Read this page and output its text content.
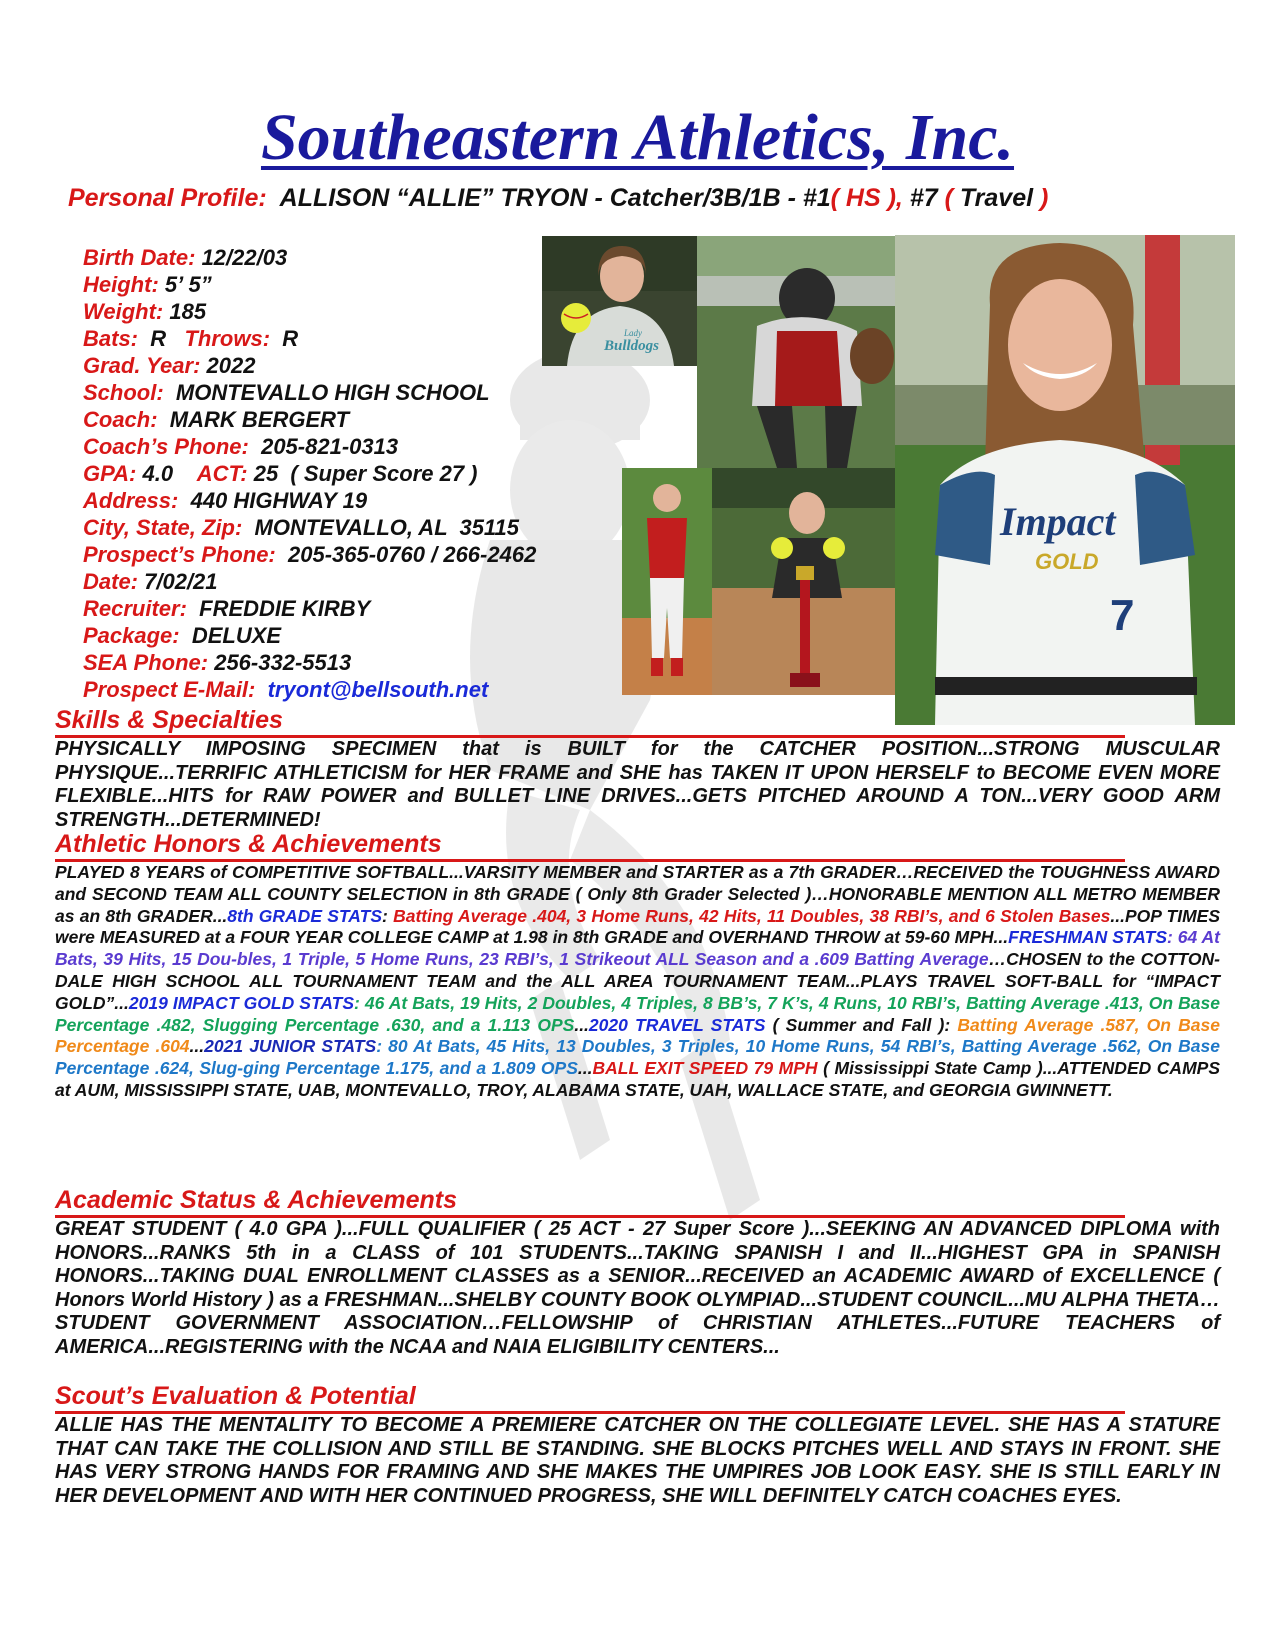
Southeastern Athletics, Inc.
Personal Profile: ALLISON “ALLIE” TRYON - Catcher/3B/1B - #1( HS ), #7 ( Travel )
Birth Date: 12/22/03
Height: 5’ 5”
Weight: 185
Bats:  R   Throws:  R
Grad. Year: 2022
School:  MONTEVALLO HIGH SCHOOL
Coach:  MARK BERGERT
Coach’s Phone:  205-821-0313
GPA: 4.0    ACT: 25  ( Super Score 27 )
Address:  440 HIGHWAY 19
City, State, Zip:  MONTEVALLO, AL  35115
Prospect’s Phone:  205-365-0760 / 266-2462
Date: 7/02/21
Recruiter:  FREDDIE KIRBY
Package:  DELUXE
SEA Phone: 256-332-5513
Prospect E-Mail:  tryont@bellsouth.net
Lady
Bulldogs
Impact
GOLD
7
Skills & Specialties
PHYSICALLY IMPOSING SPECIMEN that is BUILT for the CATCHER POSITION...STRONG MUSCULAR PHYSIQUE...TERRIFIC ATHLETICISM for HER FRAME and SHE has TAKEN IT UPON HERSELF to BECOME EVEN MORE FLEXIBLE...HITS for RAW POWER and BULLET LINE DRIVES...GETS PITCHED AROUND A TON...VERY GOOD ARM STRENGTH...DETERMINED!
Athletic Honors & Achievements
PLAYED 8 YEARS of COMPETITIVE SOFTBALL...VARSITY MEMBER and STARTER as a 7th GRADER…RECEIVED the TOUGHNESS AWARD and SECOND TEAM ALL COUNTY SELECTION in 8th GRADE ( Only 8th Grader Selected )…HONORABLE MENTION ALL METRO MEMBER as an 8th GRADER...8th GRADE STATS: Batting Average .404, 3 Home Runs, 42 Hits, 11 Doubles, 38 RBI’s, and 6 Stolen Bases...POP TIMES were MEASURED at a FOUR YEAR COLLEGE CAMP at 1.98 in 8th GRADE and OVERHAND THROW at 59-60 MPH...FRESHMAN STATS: 64 At Bats, 39 Hits, 15 Dou-bles, 1 Triple, 5 Home Runs, 23 RBI’s, 1 Strikeout ALL Season and a .609 Batting Average…CHOSEN to the COTTON-DALE HIGH SCHOOL ALL TOURNAMENT TEAM and the ALL AREA TOURNAMENT TEAM...PLAYS TRAVEL SOFT-BALL for “IMPACT GOLD”...2019 IMPACT GOLD STATS: 46 At Bats, 19 Hits, 2 Doubles, 4 Triples, 8 BB’s, 7 K’s, 4 Runs, 10 RBI’s, Batting Average .413, On Base Percentage .482, Slugging Percentage .630, and a 1.113 OPS...2020 TRAVEL STATS ( Summer and Fall ): Batting Average .587, On Base Percentage .604...2021 JUNIOR STATS: 80 At Bats, 45 Hits, 13 Doubles, 3 Triples, 10 Home Runs, 54 RBI’s, Batting Average .562, On Base Percentage .624, Slug-ging Percentage 1.175, and a 1.809 OPS...BALL EXIT SPEED 79 MPH ( Mississippi State Camp )...ATTENDED CAMPS at AUM, MISSISSIPPI STATE, UAB, MONTEVALLO, TROY, ALABAMA STATE, UAH, WALLACE STATE, and GEORGIA GWINNETT.
Academic Status & Achievements
GREAT STUDENT ( 4.0 GPA )...FULL QUALIFIER ( 25 ACT - 27 Super Score )...SEEKING AN ADVANCED DIPLOMA with HONORS...RANKS 5th in a CLASS of 101 STUDENTS...TAKING SPANISH I and II...HIGHEST GPA in SPANISH HONORS...TAKING DUAL ENROLLMENT CLASSES as a SENIOR...RECEIVED an ACADEMIC AWARD of EXCELLENCE ( Honors World History ) as a FRESHMAN...SHELBY COUNTY BOOK OLYMPIAD...STUDENT COUNCIL...MU ALPHA THETA…STUDENT GOVERNMENT ASSOCIATION…FELLOWSHIP of CHRISTIAN ATHLETES...FUTURE TEACHERS of AMERICA...REGISTERING with the NCAA and NAIA ELIGIBILITY CENTERS...
Scout’s Evaluation & Potential
ALLIE HAS THE MENTALITY TO BECOME A PREMIERE CATCHER ON THE COLLEGIATE LEVEL. SHE HAS A STATURE THAT CAN TAKE THE COLLISION AND STILL BE STANDING. SHE BLOCKS PITCHES WELL AND STAYS IN FRONT. SHE HAS VERY STRONG HANDS FOR FRAMING AND SHE MAKES THE UMPIRES JOB LOOK EASY. SHE IS STILL EARLY IN HER DEVELOPMENT AND WITH HER CONTINUED PROGRESS, SHE WILL DEFINITELY CATCH COACHES EYES.
